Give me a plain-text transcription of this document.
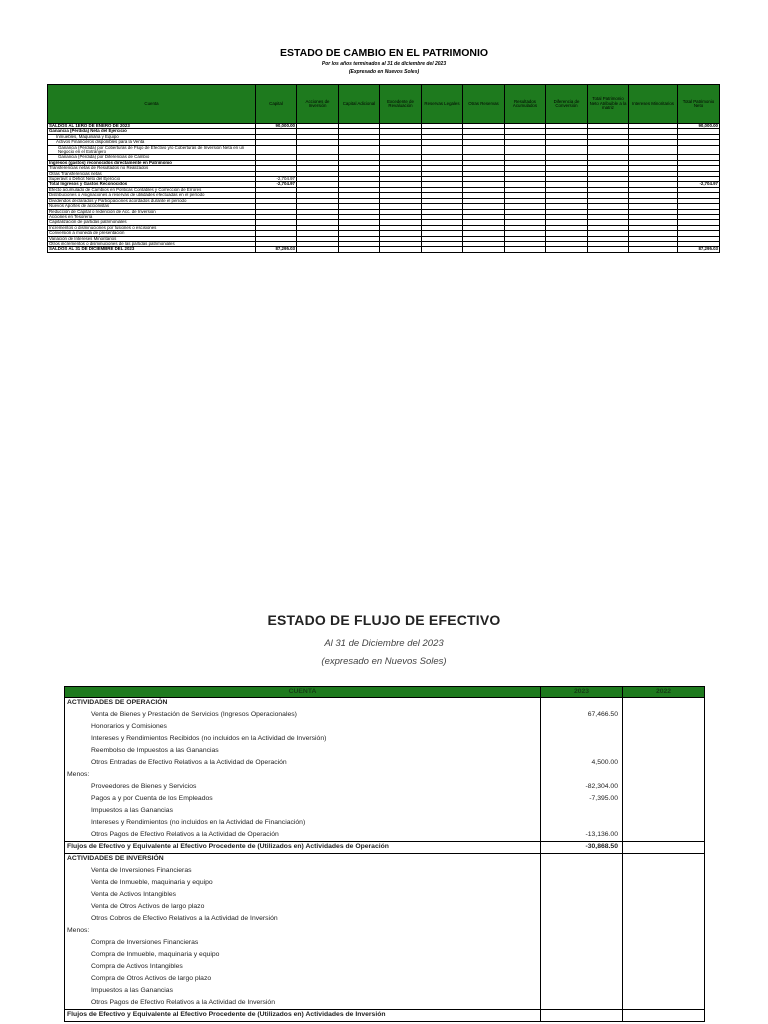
ESTADO DE CAMBIO EN EL PATRIMONIO
Por los años terminados al 31 de diciembre del 2023
(Expresado en Nuevos Soles)
Cuenta	Capital	Acciones de Inversión	Capital Adicional	Excedente de Revaluación	Reservas Legales	Otras Reservas	Resultados Acumulados	Diferencia de Conversión	Total Patrimonio Neto Atribuible a la matriz	Intereses Minoritarios	Total Patrimonio Neto
SALDOS AL 1ERO DE ENERO DE 2023	90,000.00										90,000.00
Ganancia (Pérdida) Neta del Ejercicio											
Inmuebles, Maquinaria y Equipo											
Activos Financieros disponibles para la Venta											
Ganancia (Pérdida) por Coberturas de Flujo de Efectivo y/o Coberturas de Inversión Neta en un Negocio en el Extranjero											
Ganancia (Pérdida) por Diferencias de Cambio											
Ingresos (gastos) reconocidos directamente en Patrimonio											
Transferencias netas de Resultados no Realizados											
Otras Transferencias netas											
Superávit o Déficit Neto del Ejercicio	-2,704.97										
Total Ingresos y Gastos Reconocidos	-2,704.97										-2,704.97
Efecto acumulado de Cambios en Políticas Contables y Corrección de Errores											
Distribuciones o Asignaciones a reservas de utilidades efectuadas en el período											
Dividendos declarados y Participaciones acordados durante el período											
Nuevos Aportes de accionistas											
Reducción de Capital o redención de Acc. de Inversión											
Acciones en Tesorería											
Capitalización de partidas patrimoniales											
Incrementos o disminuciones por fusiones o escisiones											
Conversión a moneda de presentación											
Variación de Intereses Minoritarios											
Otros incrementos o disminuciones de las partidas patrimoniales											
SALDOS AL 31 DE DICIEMBRE DEL 2023	87,295.03										87,295.03
ESTADO DE FLUJO DE EFECTIVO
Al 31 de Diciembre del 2023
(expresado en Nuevos Soles)
CUENTA	2023	2022
ACTIVIDADES DE OPERACIÓN		
Venta de Bienes y Prestación de Servicios (Ingresos Operacionales)	67,466.50	
Honorarios y Comisiones		
Intereses y Rendimientos Recibidos (no incluidos en la Actividad de Inversión)		
Reembolso de Impuestos a las Ganancias		
Otros Entradas de Efectivo Relativos a la Actividad de Operación	4,500.00	
Menos:		
Proveedores de Bienes y Servicios	-82,304.00	
Pagos a y por Cuenta de los Empleados	-7,395.00	
Impuestos a las Ganancias		
Intereses y Rendimientos (no incluidos en la Actividad de Financiación)		
Otros Pagos de Efectivo Relativos a la Actividad de Operación	-13,136.00	
Flujos de Efectivo y Equivalente al Efectivo Procedente de (Utilizados en) Actividades de Operación	-30,868.50	
ACTIVIDADES DE INVERSIÓN		
Venta de Inversiones Financieras		
Venta de Inmueble, maquinaria y equipo		
Venta de Activos Intangibles		
Venta de Otros Activos de largo plazo		
Otros Cobros de Efectivo Relativos a la Actividad de Inversión		
Menos:		
Compra de Inversiones Financieras		
Compra de Inmueble, maquinaria y equipo		
Compra de Activos Intangibles		
Compra de Otros Activos de largo plazo		
Impuestos a las Ganancias		
Otros Pagos de Efectivo Relativos a la Actividad de Inversión		
Flujos de Efectivo y Equivalente al Efectivo Procedente de (Utilizados en) Actividades de Inversión		
